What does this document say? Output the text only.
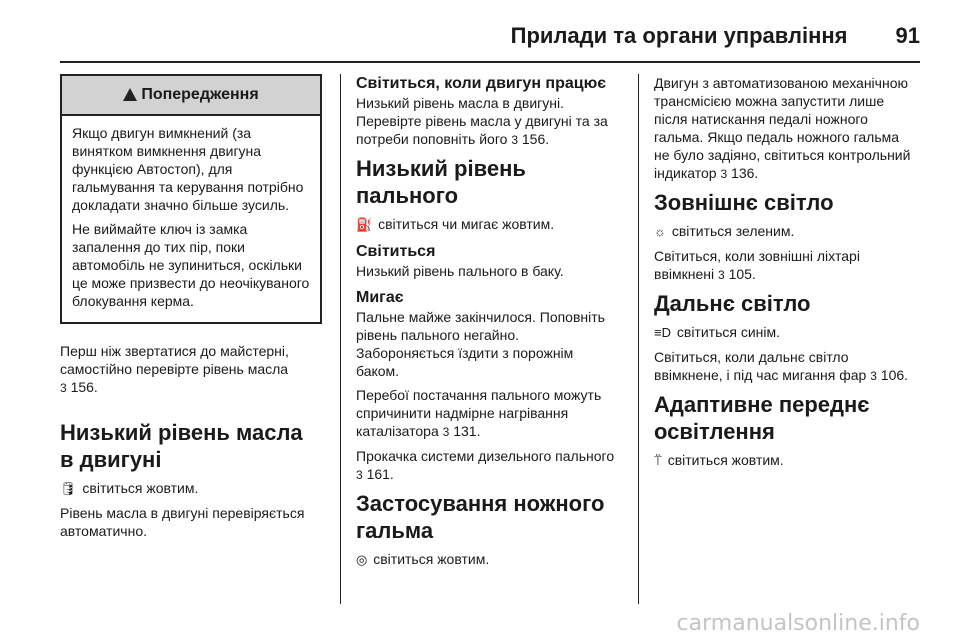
Прилади та органи управління 91
Попередження

Якщо двигун вимкнений (за винятком вимкнення двигуна функцією Автостоп), для гальмування та керування потрібно докладати значно більше зусиль.

Не виймайте ключ із замка запалення до тих пір, поки автомобіль не зупиниться, оскільки це може призвести до неочікуваного блокування керма.

Перш ніж звертатися до майстерні, самостійно перевірте рівень масла
3 156.

Низький рівень масла в двигуні

🛢 світиться жовтим.

Рівень масла в двигуні перевіряється автоматично.

Світиться, коли двигун працює

Низький рівень масла в двигуні. Перевірте рівень масла у двигуні та за потреби поповніть його 3 156.

Низький рівень пального

⛽ світиться чи мигає жовтим.

Світиться

Низький рівень пального в баку.

Мигає

Пальне майже закінчилося. Поповніть рівень пального негайно. Забороняється їздити з порожнім баком.

Перебої постачання пального можуть спричинити надмірне нагрівання каталізатора 3 131.

Прокачка системи дизельного пального 3 161.

Застосування ножного гальма

◎ світиться жовтим.

Двигун з автоматизованою механічною трансмісією можна запустити лише після натискання педалі ножного гальма. Якщо педаль ножного гальма не було задіяно, світиться контрольний індикатор 3 136.

Зовнішнє світло

☼ світиться зеленим.

Світиться, коли зовнішні ліхтарі ввімкнені 3 105.

Дальнє світло

≡D світиться синім.

Світиться, коли дальнє світло ввімкнене, і під час мигання фар 3 106.

Адаптивне переднє освітлення

⍡ світиться жовтим.

carmanualsonline.info
